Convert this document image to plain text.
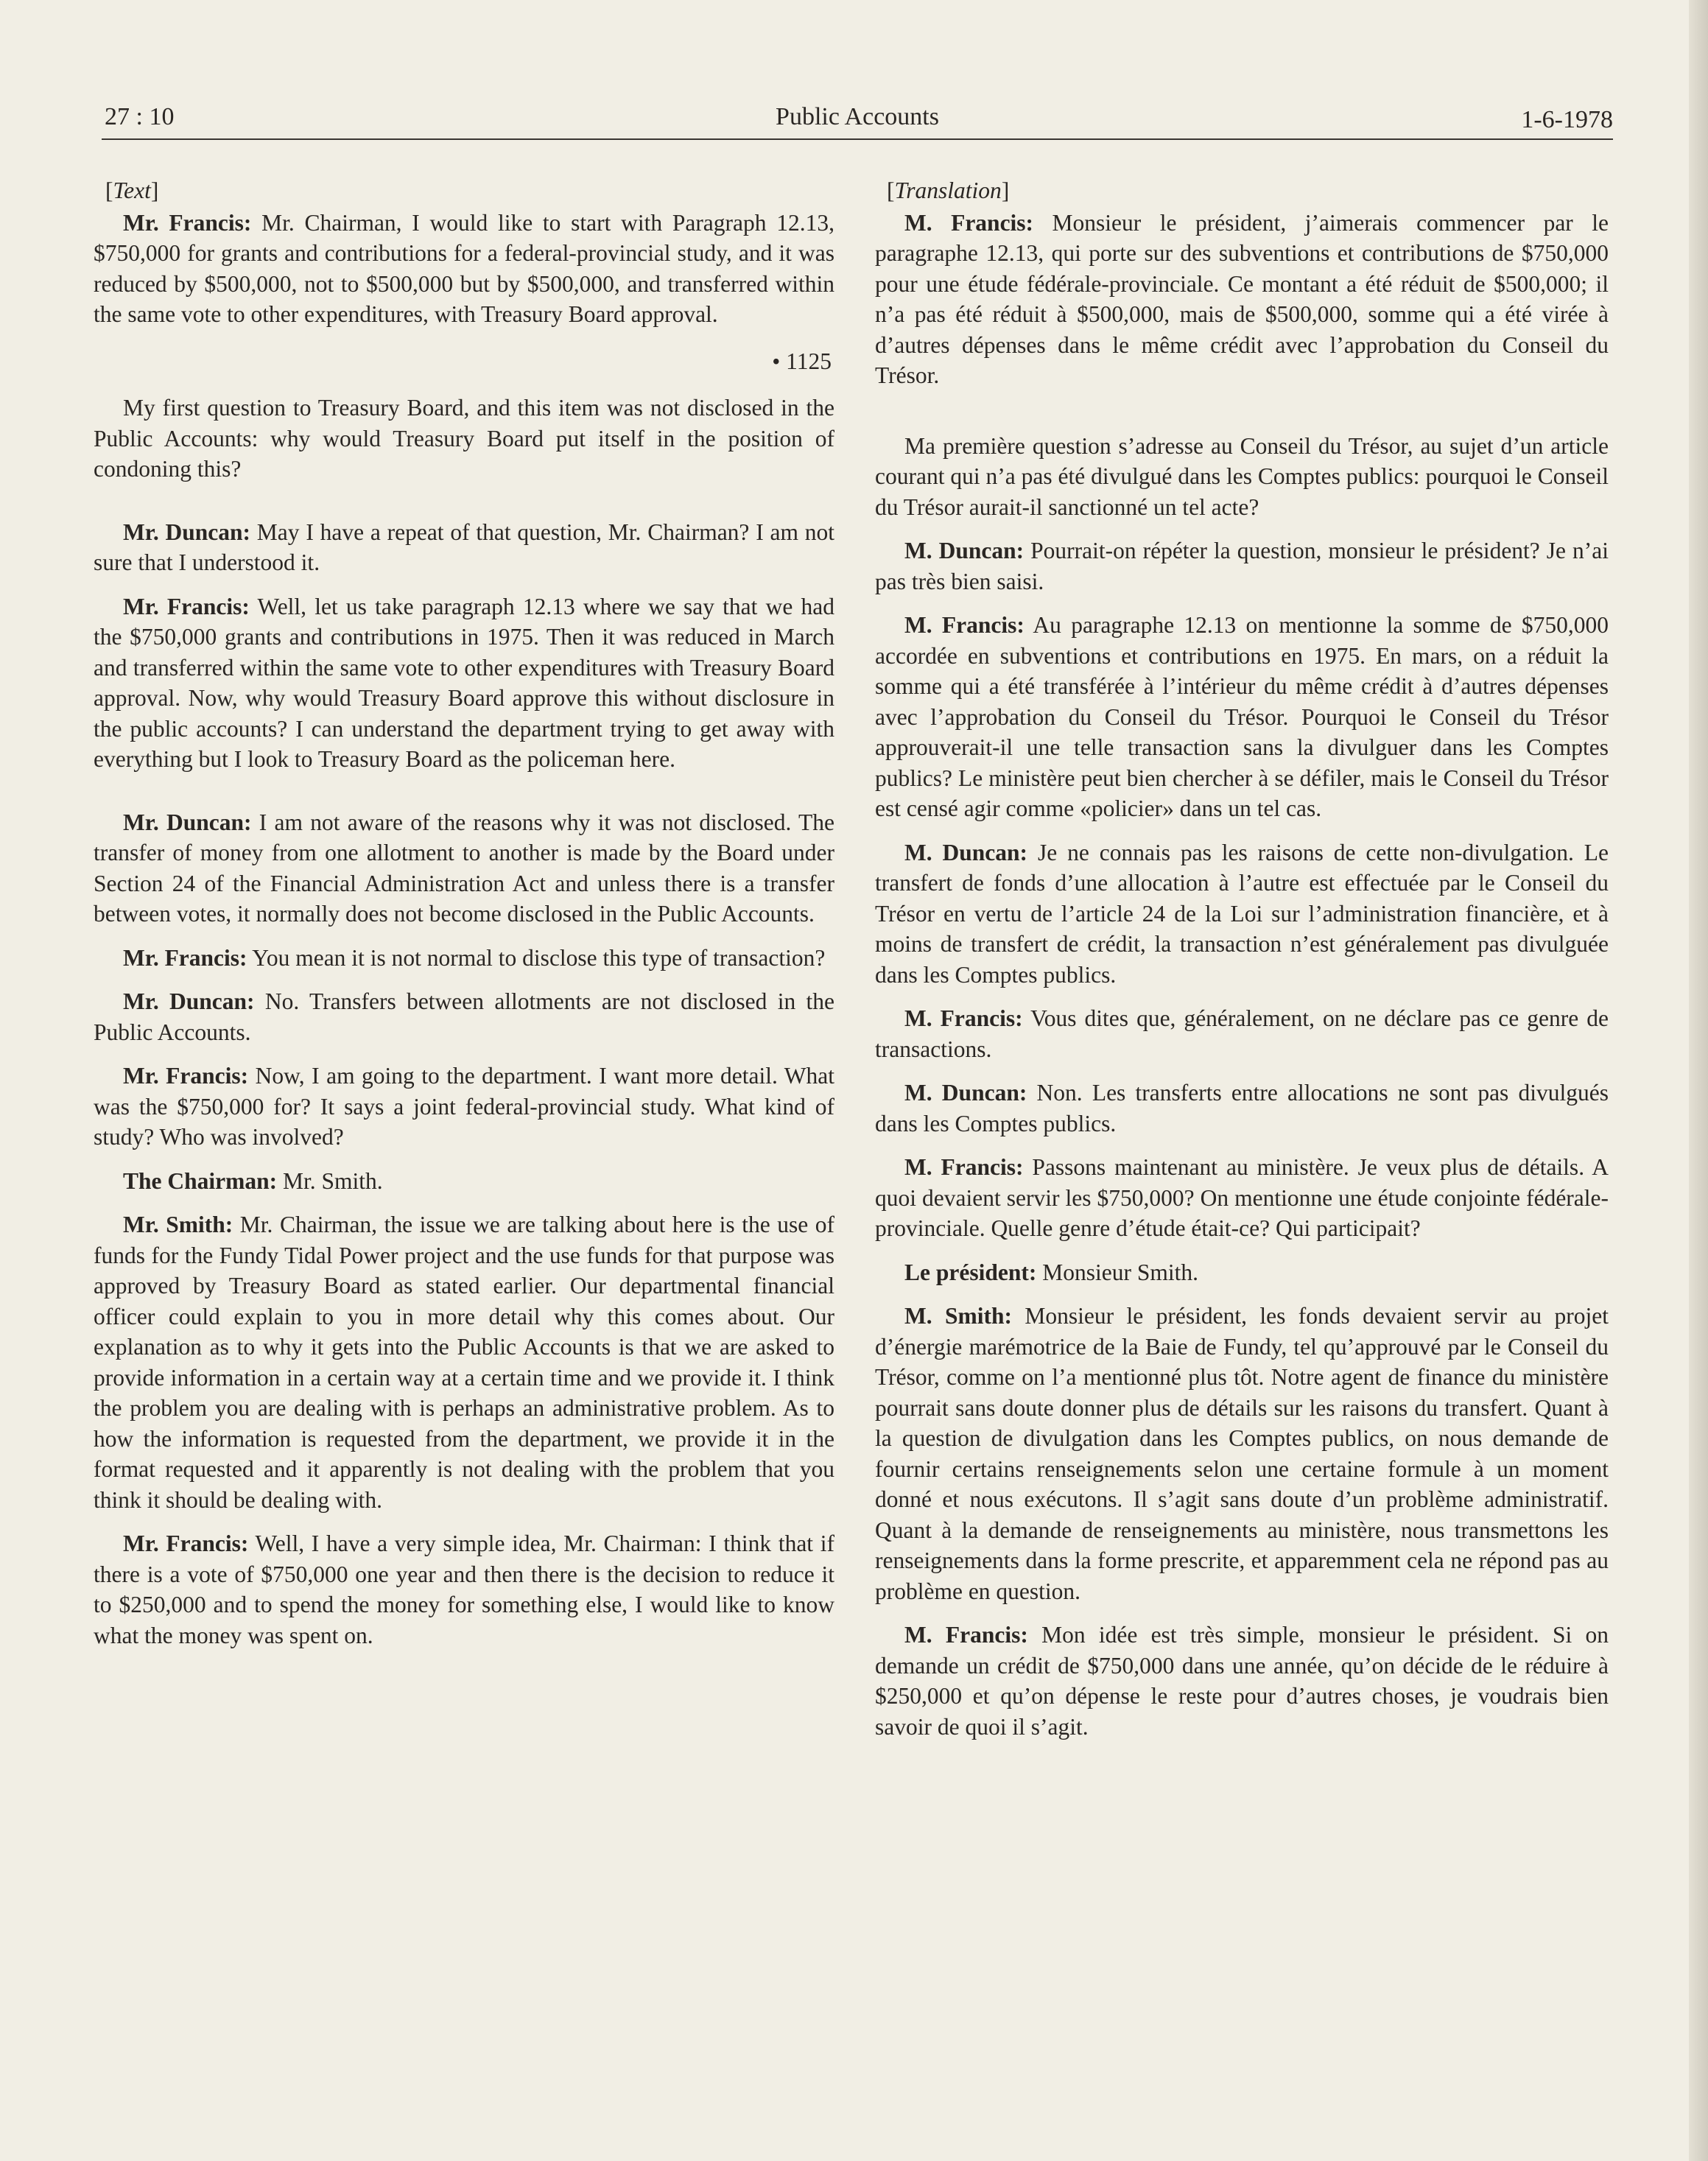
27 : 10	Public Accounts	1-6-1978

[Text]

Mr. Francis: Mr. Chairman, I would like to start with Paragraph 12.13, $750,000 for grants and contributions for a federal-provincial study, and it was reduced by $500,000, not to $500,000 but by $500,000, and transferred within the same vote to other expenditures, with Treasury Board approval.

• 1125

My first question to Treasury Board, and this item was not disclosed in the Public Accounts: why would Treasury Board put itself in the position of condoning this?

Mr. Duncan: May I have a repeat of that question, Mr. Chairman? I am not sure that I understood it.

Mr. Francis: Well, let us take paragraph 12.13 where we say that we had the $750,000 grants and contributions in 1975. Then it was reduced in March and transferred within the same vote to other expenditures with Treasury Board approval. Now, why would Treasury Board approve this without disclosure in the public accounts? I can understand the department trying to get away with everything but I look to Treasury Board as the policeman here.

Mr. Duncan: I am not aware of the reasons why it was not disclosed. The transfer of money from one allotment to another is made by the Board under Section 24 of the Financial Administration Act and unless there is a transfer between votes, it normally does not become disclosed in the Public Accounts.

Mr. Francis: You mean it is not normal to disclose this type of transaction?

Mr. Duncan: No. Transfers between allotments are not disclosed in the Public Accounts.

Mr. Francis: Now, I am going to the department. I want more detail. What was the $750,000 for? It says a joint federal-provincial study. What kind of study? Who was involved?

The Chairman: Mr. Smith.

Mr. Smith: Mr. Chairman, the issue we are talking about here is the use of funds for the Fundy Tidal Power project and the use funds for that purpose was approved by Treasury Board as stated earlier. Our departmental financial officer could explain to you in more detail why this comes about. Our explanation as to why it gets into the Public Accounts is that we are asked to provide information in a certain way at a certain time and we provide it. I think the problem you are dealing with is perhaps an administrative problem. As to how the information is requested from the department, we provide it in the format requested and it apparently is not dealing with the problem that you think it should be dealing with.

Mr. Francis: Well, I have a very simple idea, Mr. Chairman: I think that if there is a vote of $750,000 one year and then there is the decision to reduce it to $250,000 and to spend the money for something else, I would like to know what the money was spent on.

[Translation]

M. Francis: Monsieur le président, j’aimerais commencer par le paragraphe 12.13, qui porte sur des subventions et contributions de $750,000 pour une étude fédérale-provinciale. Ce montant a été réduit de $500,000; il n’a pas été réduit à $500,000, mais de $500,000, somme qui a été virée à d’autres dépenses dans le même crédit avec l’approbation du Conseil du Trésor.

Ma première question s’adresse au Conseil du Trésor, au sujet d’un article courant qui n’a pas été divulgué dans les Comptes publics: pourquoi le Conseil du Trésor aurait-il sanctionné un tel acte?

M. Duncan: Pourrait-on répéter la question, monsieur le président? Je n’ai pas très bien saisi.

M. Francis: Au paragraphe 12.13 on mentionne la somme de $750,000 accordée en subventions et contributions en 1975. En mars, on a réduit la somme qui a été transférée à l’intérieur du même crédit à d’autres dépenses avec l’approbation du Conseil du Trésor. Pourquoi le Conseil du Trésor approuverait-il une telle transaction sans la divulguer dans les Comptes publics? Le ministère peut bien chercher à se défiler, mais le Conseil du Trésor est censé agir comme «policier» dans un tel cas.

M. Duncan: Je ne connais pas les raisons de cette non-divulgation. Le transfert de fonds d’une allocation à l’autre est effectuée par le Conseil du Trésor en vertu de l’article 24 de la Loi sur l’administration financière, et à moins de transfert de crédit, la transaction n’est généralement pas divulguée dans les Comptes publics.

M. Francis: Vous dites que, généralement, on ne déclare pas ce genre de transactions.

M. Duncan: Non. Les transferts entre allocations ne sont pas divulgués dans les Comptes publics.

M. Francis: Passons maintenant au ministère. Je veux plus de détails. A quoi devaient servir les $750,000? On mentionne une étude conjointe fédérale-provinciale. Quelle genre d’étude était-ce? Qui participait?

Le président: Monsieur Smith.

M. Smith: Monsieur le président, les fonds devaient servir au projet d’énergie marémotrice de la Baie de Fundy, tel qu’approuvé par le Conseil du Trésor, comme on l’a mentionné plus tôt. Notre agent de finance du ministère pourrait sans doute donner plus de détails sur les raisons du transfert. Quant à la question de divulgation dans les Comptes publics, on nous demande de fournir certains renseignements selon une certaine formule à un moment donné et nous exécutons. Il s’agit sans doute d’un problème administratif. Quant à la demande de renseignements au ministère, nous transmettons les renseignements dans la forme prescrite, et apparemment cela ne répond pas au problème en question.

M. Francis: Mon idée est très simple, monsieur le président. Si on demande un crédit de $750,000 dans une année, qu’on décide de le réduire à $250,000 et qu’on dépense le reste pour d’autres choses, je voudrais bien savoir de quoi il s’agit.
